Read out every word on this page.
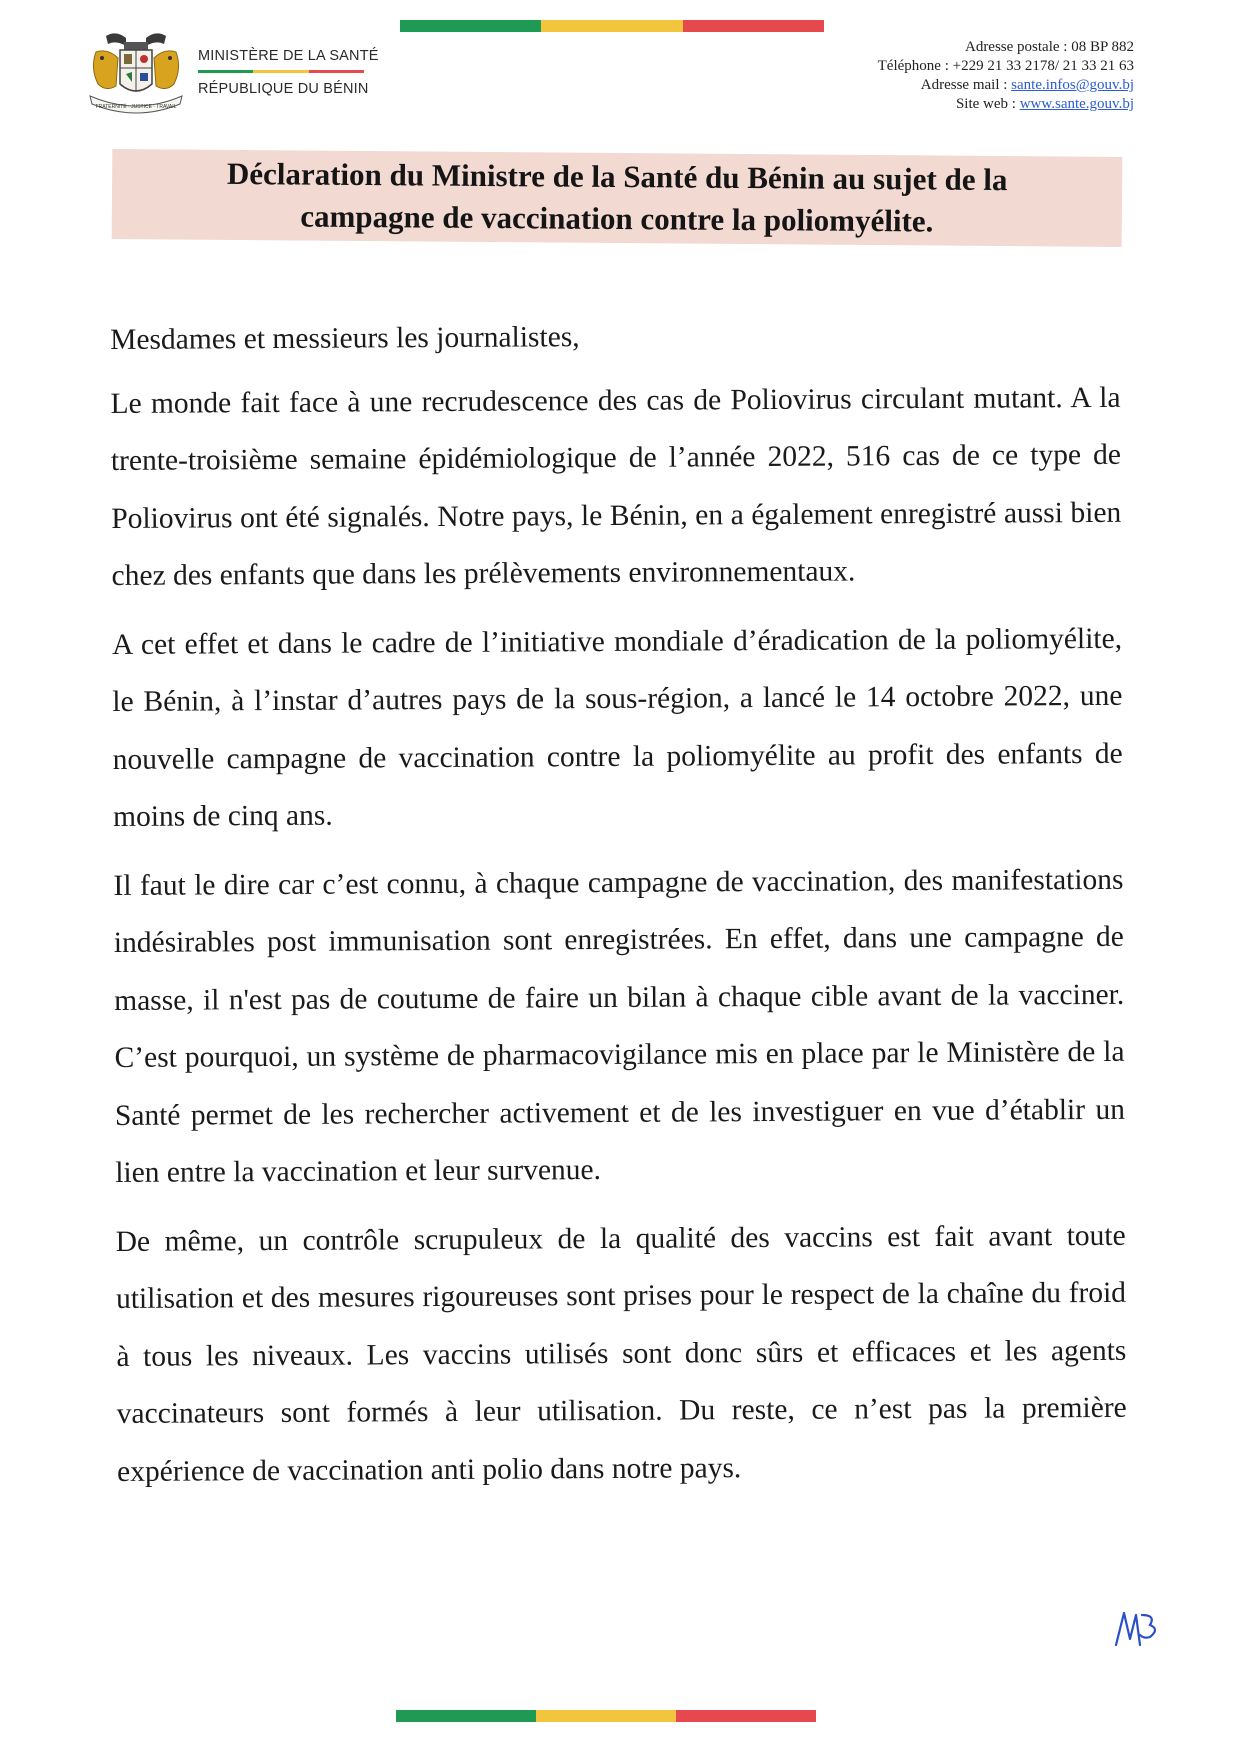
FRATERNITÉ · JUSTICE · TRAVAIL
MINISTÈRE DE LA SANTÉ
RÉPUBLIQUE DU BÉNIN
Adresse postale : 08 BP 882
Téléphone : +229 21 33 2178/ 21 33 21 63
Adresse mail : sante.infos@gouv.bj
Site web : www.sante.gouv.bj
Déclaration du Ministre de la Santé du Bénin au sujet de la
campagne de vaccination contre la poliomyélite.

Mesdames et messieurs les journalistes,

Le monde fait face à une recrudescence des cas de Poliovirus circulant mutant. A la trente-troisième semaine épidémiologique de l’année 2022, 516 cas de ce type de Poliovirus ont été signalés. Notre pays, le Bénin, en a également enregistré aussi bien chez des enfants que dans les prélèvements environnementaux.

A cet effet et dans le cadre de l’initiative mondiale d’éradication de la poliomyélite, le Bénin, à l’instar d’autres pays de la sous-région, a lancé le 14 octobre 2022, une nouvelle campagne de vaccination contre la poliomyélite au profit des enfants de moins de cinq ans.

Il faut le dire car c’est connu, à chaque campagne de vaccination, des manifestations indésirables post immunisation sont enregistrées. En effet, dans une campagne de masse, il n'est pas de coutume de faire un bilan à chaque cible avant de la vacciner. C’est pourquoi, un système de pharmacovigilance mis en place par le Ministère de la Santé permet de les rechercher activement et de les investiguer en vue d’établir un lien entre la vaccination et leur survenue.

De même, un contrôle scrupuleux de la qualité des vaccins est fait avant toute utilisation et des mesures rigoureuses sont prises pour le respect de la chaîne du froid à tous les niveaux. Les vaccins utilisés sont donc sûrs et efficaces et les agents vaccinateurs sont formés à leur utilisation. Du reste, ce n’est pas la première expérience de vaccination anti polio dans notre pays.
